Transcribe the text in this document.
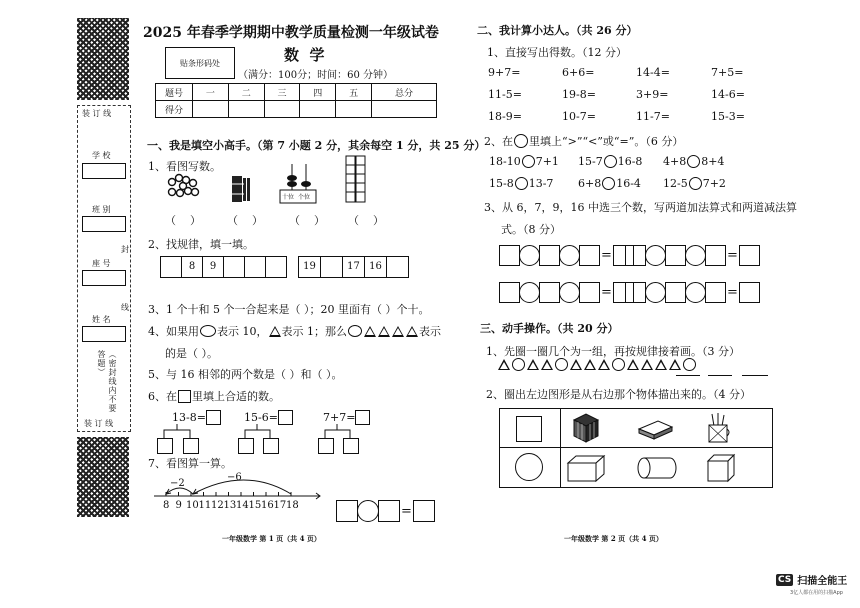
装 订 线
学 校
班 别
封
座 号
线
姓 名
（密封线内不要答题）
装 订 线
2025 年春季学期期中教学质量检测一年级试卷
贴条形码处	数  学
（满分：100分；时间：60 分钟）
题号	一	二	三	四	五	总分
得分						
一、我是填空小高手。（第 7 小题 2 分，其余每空 1 分，共 25 分）
1、看图写数。
十位 个位
（    ） （    ） （    ） （    ）
2、找规律，填一填。
8	9	19	17 16
3、1 个十和 5 个一合起来是（ ）；20 里面有（ ）个十。
4、如果用 表示 10， 表示 1；那么	表示
的是（ ）。
5、与 16 相邻的两个数是（ ）和（ ）。
6、在 里填上合适的数。
13-8=	15-6=	7+7=
7、看图算一算。
−2
−6
8 9 10 11 12 13 14 15 16 17 18	=
一年级数学 第 1 页（共 4 页）
二、我计算小达人。（共 26 分）
1、直接写出得数。（12 分）
9+7=	6+6=	14-4=	7+5=
11-5=	19-8=	3+9=	14-6=
18-9=	10-7=	11-7=	15-3=
2、在 里填上“>”“<”或“=”。（6 分）
18-10 7+1 15-7 16-8 4+8 8+4
15-8 13-7 6+8 16-4 12-5 7+2
3、从 6，7，9，16 中选三个数，写两道加法算式和两道减法算
式。（8 分）
=	=
=	=
三、动手操作。（共 20 分）
1、先圈一圈几个为一组，再按规律接着画。（3 分）
2、圈出左边图形是从右边那个物体描出来的。（4 分）
一年级数学 第 2 页（共 4 页）
CS 扫描全能王
3亿人都在用的扫描App
